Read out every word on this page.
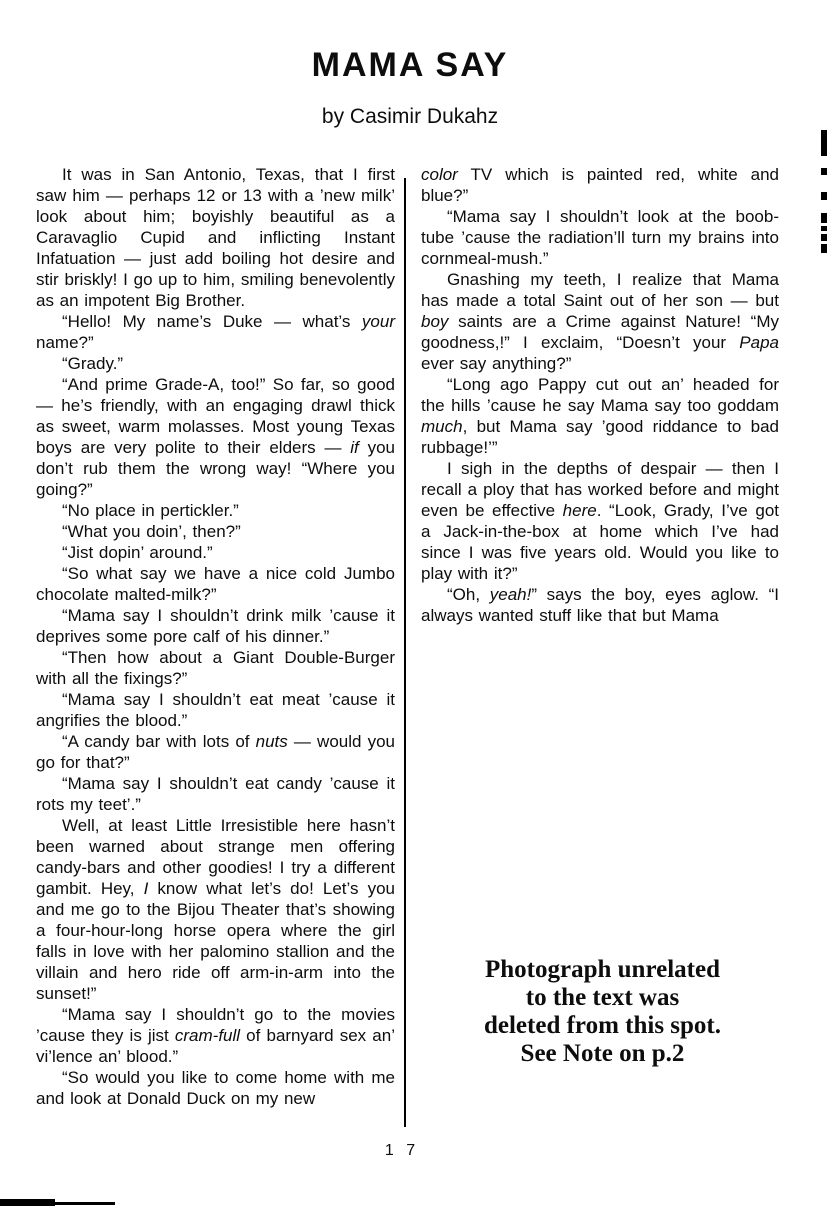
MAMA SAY
by Casimir Dukahz

It was in San Antonio, Texas, that I first saw him — perhaps 12 or 13 with a ’new milk’ look about him; boyishly beautiful as a Caravaglio Cupid and inflicting Instant Infatuation — just add boiling hot desire and stir briskly! I go up to him, smiling benevolently as an impotent Big Brother.

“Hello! My name’s Duke — what’s your name?”

“Grady.”

“And prime Grade-A, too!” So far, so good — he’s friendly, with an engaging drawl thick as sweet, warm molasses. Most young Texas boys are very polite to their elders — if you don’t rub them the wrong way! “Where you going?”

“No place in pertickler.”

“What you doin’, then?”

“Jist dopin’ around.”

“So what say we have a nice cold Jumbo chocolate malted-milk?”

“Mama say I shouldn’t drink milk ’cause it deprives some pore calf of his dinner.”

“Then how about a Giant Double-Burger with all the fixings?”

“Mama say I shouldn’t eat meat ’cause it angrifies the blood.”

“A candy bar with lots of nuts — would you go for that?”

“Mama say I shouldn’t eat candy ’cause it rots my teet’.”

Well, at least Little Irresistible here hasn’t been warned about strange men offering candy-bars and other goodies! I try a different gambit. Hey, I know what let’s do! Let’s you and me go to the Bijou Theater that’s showing a four-hour-long horse opera where the girl falls in love with her palomino stallion and the villain and hero ride off arm-in-arm into the sunset!”

“Mama say I shouldn’t go to the movies ’cause they is jist cram-full of barnyard sex an’ vi’lence an’ blood.”

“So would you like to come home with me and look at Donald Duck on my new

color TV which is painted red, white and blue?”

“Mama say I shouldn’t look at the boob-tube ’cause the radiation’ll turn my brains into cornmeal-mush.”

Gnashing my teeth, I realize that Mama has made a total Saint out of her son — but boy saints are a Crime against Nature! “My goodness,!” I exclaim, “Doesn’t your Papa ever say anything?”

“Long ago Pappy cut out an’ headed for the hills ’cause he say Mama say too goddam much, but Mama say ’good riddance to bad rubbage!’”

I sigh in the depths of despair — then I recall a ploy that has worked before and might even be effective here. “Look, Grady, I’ve got a Jack-in-the-box at home which I’ve had since I was five years old. Would you like to play with it?”

“Oh, yeah!” says the boy, eyes aglow. “I always wanted stuff like that but Mama

Photograph unrelated
to the text was
deleted from this spot.
See Note on p.2
1 7
